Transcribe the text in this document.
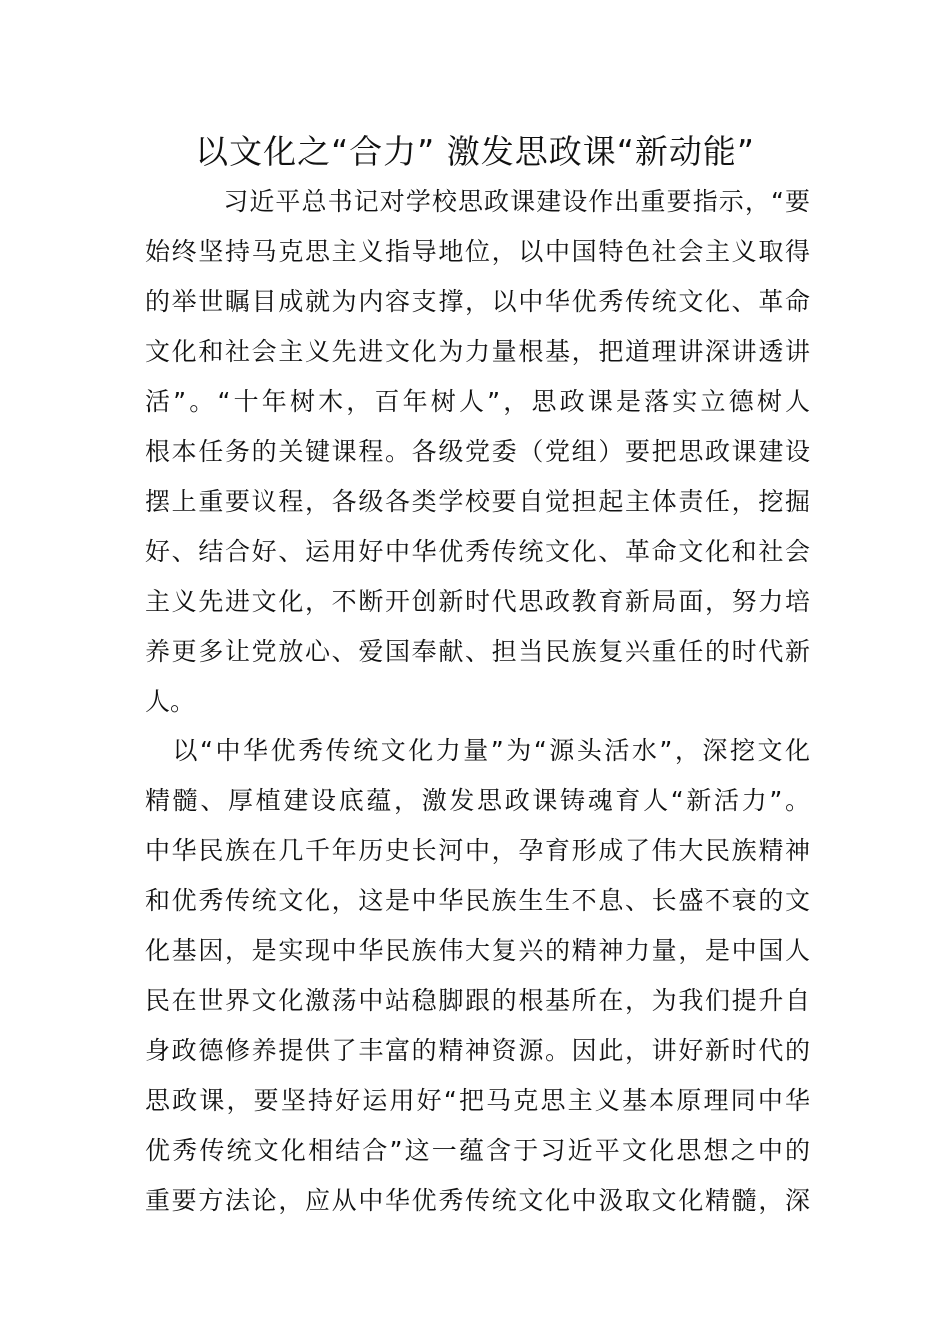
以文化之“合力” 激发思政课“新动能”
　　　习近平总书记对学校思政课建设作出重要指示，“要
始终坚持马克思主义指导地位，以中国特色社会主义取得
的举世瞩目成就为内容支撑，以中华优秀传统文化、革命
文化和社会主义先进文化为力量根基，把道理讲深讲透讲
活”。“十年树木，百年树人”，思政课是落实立德树人
根本任务的关键课程。各级党委（党组）要把思政课建设
摆上重要议程，各级各类学校要自觉担起主体责任，挖掘
好、结合好、运用好中华优秀传统文化、革命文化和社会
主义先进文化，不断开创新时代思政教育新局面，努力培
养更多让党放心、爱国奉献、担当民族复兴重任的时代新
人。
　以“中华优秀传统文化力量”为“源头活水”，深挖文化
精髓、厚植建设底蕴，激发思政课铸魂育人“新活力”。
中华民族在几千年历史长河中，孕育形成了伟大民族精神
和优秀传统文化，这是中华民族生生不息、长盛不衰的文
化基因，是实现中华民族伟大复兴的精神力量，是中国人
民在世界文化激荡中站稳脚跟的根基所在，为我们提升自
身政德修养提供了丰富的精神资源。因此，讲好新时代的
思政课，要坚持好运用好“把马克思主义基本原理同中华
优秀传统文化相结合”这一蕴含于习近平文化思想之中的
重要方法论，应从中华优秀传统文化中汲取文化精髓，深
